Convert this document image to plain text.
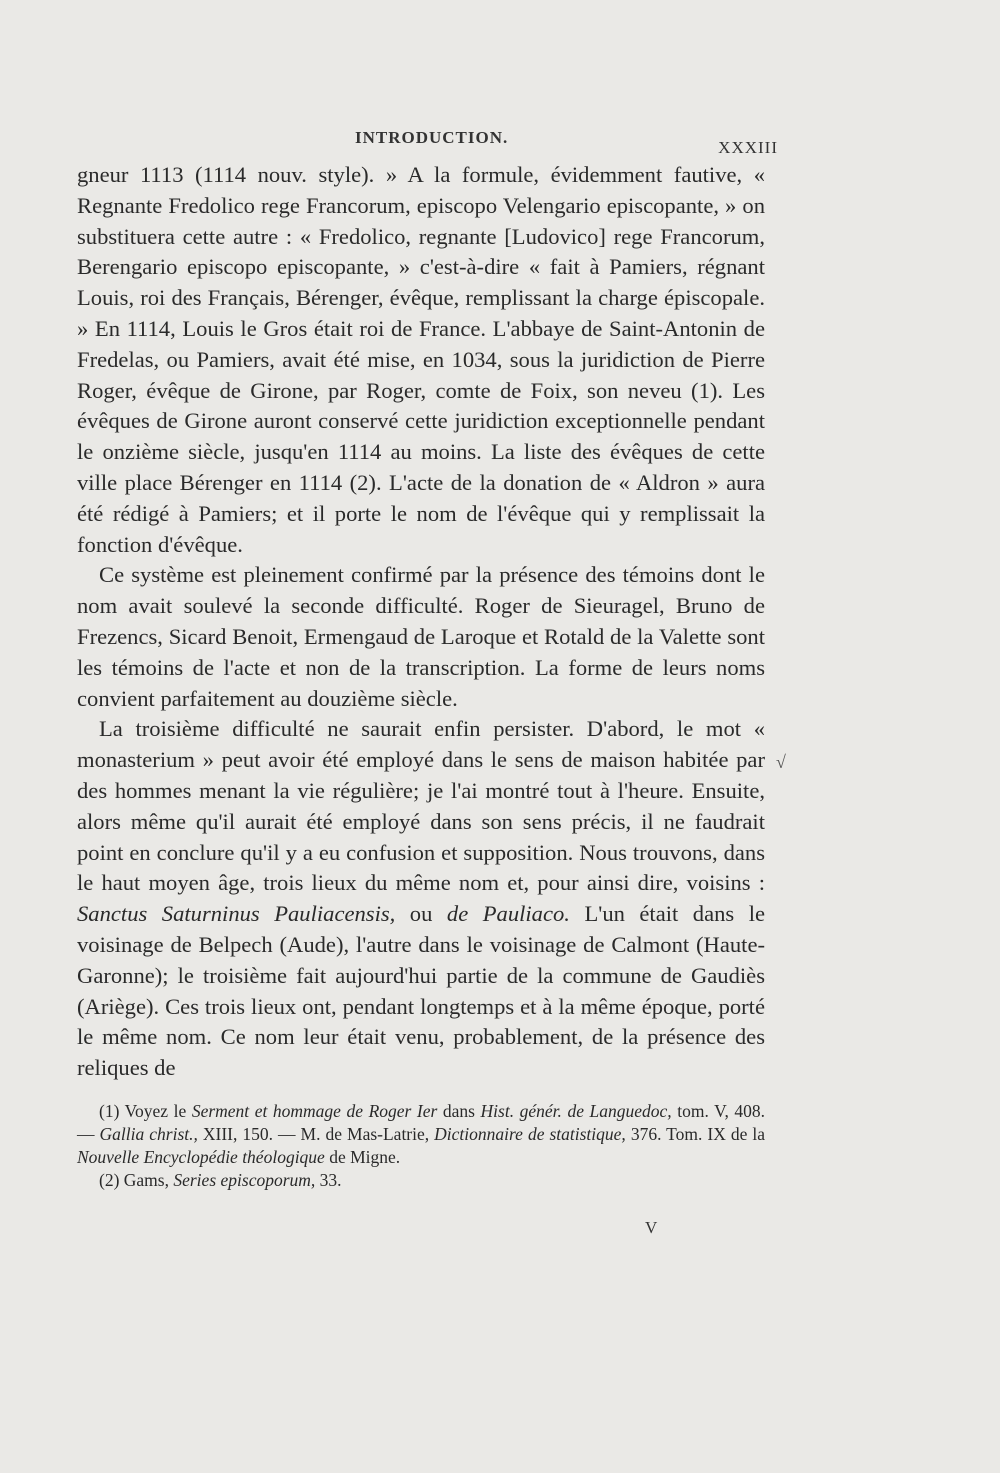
INTRODUCTION.
XXXIII

gneur 1113 (1114 nouv. style). » A la formule, évidemment fautive, « Regnante Fredolico rege Francorum, episcopo Velengario episcopante, » on substituera cette autre : « Fredolico, regnante [Ludovico] rege Francorum, Berengario episcopo episcopante, » c'est-à-dire « fait à Pamiers, régnant Louis, roi des Français, Bérenger, évêque, remplissant la charge épiscopale. » En 1114, Louis le Gros était roi de France. L'abbaye de Saint-Antonin de Fredelas, ou Pamiers, avait été mise, en 1034, sous la juridiction de Pierre Roger, évêque de Girone, par Roger, comte de Foix, son neveu (1). Les évêques de Girone auront conservé cette juridiction exceptionnelle pendant le onzième siècle, jusqu'en 1114 au moins. La liste des évêques de cette ville place Bérenger en 1114 (2). L'acte de la donation de « Aldron » aura été rédigé à Pamiers; et il porte le nom de l'évêque qui y remplissait la fonction d'évêque.

Ce système est pleinement confirmé par la présence des témoins dont le nom avait soulevé la seconde difficulté. Roger de Sieuragel, Bruno de Frezencs, Sicard Benoit, Ermengaud de Laroque et Rotald de la Valette sont les témoins de l'acte et non de la transcription. La forme de leurs noms convient parfaitement au douzième siècle.

La troisième difficulté ne saurait enfin persister. D'abord, le mot « monasterium » peut avoir été employé dans le sens de maison habitée par des hommes menant la vie régulière; je l'ai montré tout à l'heure. Ensuite, alors même qu'il aurait été employé dans son sens précis, il ne faudrait point en conclure qu'il y a eu confusion et supposition. Nous trouvons, dans le haut moyen âge, trois lieux du même nom et, pour ainsi dire, voisins : Sanctus Saturninus Pauliacensis, ou de Pauliaco. L'un était dans le voisinage de Belpech (Aude), l'autre dans le voisinage de Calmont (Haute-Garonne); le troisième fait aujourd'hui partie de la commune de Gaudiès (Ariège). Ces trois lieux ont, pendant longtemps et à la même époque, porté le même nom. Ce nom leur était venu, probablement, de la présence des reliques de

√

(1) Voyez le Serment et hommage de Roger Ier dans Hist. génér. de Languedoc, tom. V, 408. — Gallia christ., XIII, 150. — M. de Mas-Latrie, Dictionnaire de statistique, 376. Tom. IX de la Nouvelle Encyclopédie théologique de Migne.

(2) Gams, Series episcoporum, 33.

V
